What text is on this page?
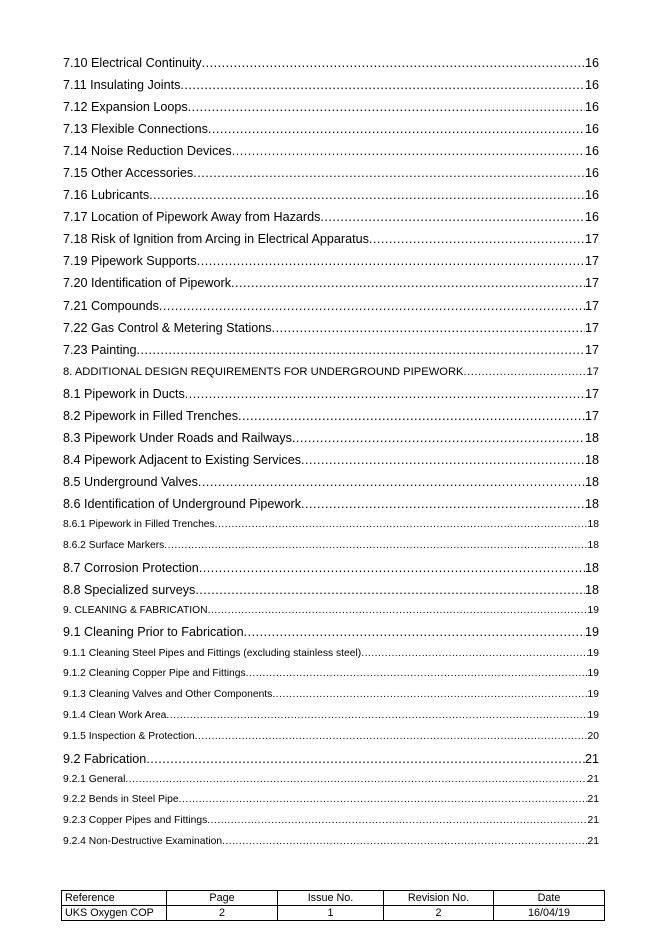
7.10 Electrical Continuity .....	16
7.11 Insulating Joints .....	16
7.12 Expansion Loops .....	16
7.13 Flexible Connections .....	16
7.14 Noise Reduction Devices .....	16
7.15 Other Accessories .....	16
7.16 Lubricants .....	16
7.17 Location of Pipework Away from Hazards .....	16
7.18 Risk of Ignition from Arcing in Electrical Apparatus .....	17
7.19 Pipework Supports .....	17
7.20 Identification of Pipework .....	17
7.21 Compounds .....	17
7.22 Gas Control & Metering Stations .....	17
7.23 Painting .....	17
8. ADDITIONAL DESIGN REQUIREMENTS FOR UNDERGROUND PIPEWORK .....	17
8.1 Pipework in Ducts .....	17
8.2 Pipework in Filled Trenches .....	17
8.3 Pipework Under Roads and Railways .....	18
8.4 Pipework Adjacent to Existing Services .....	18
8.5 Underground Valves .....	18
8.6 Identification of Underground Pipework .....	18
8.6.1 Pipework in Filled Trenches .....	18
8.6.2 Surface Markers .....	18
8.7 Corrosion Protection .....	18
8.8 Specialized surveys .....	18
9. CLEANING & FABRICATION .....	19
9.1 Cleaning Prior to Fabrication .....	19
9.1.1 Cleaning Steel Pipes and Fittings (excluding stainless steel) .....	19
9.1.2 Cleaning Copper Pipe and Fittings .....	19
9.1.3 Cleaning Valves and Other Components .....	19
9.1.4 Clean Work Area .....	19
9.1.5 Inspection & Protection .....	20
9.2 Fabrication .....	21
9.2.1 General .....	21
9.2.2 Bends in Steel Pipe .....	21
9.2.3 Copper Pipes and Fittings .....	21
9.2.4 Non-Destructive Examination .....	21
Reference	Page	Issue No.	Revision No.	Date
UKS Oxygen COP	2	1	2	16/04/19
